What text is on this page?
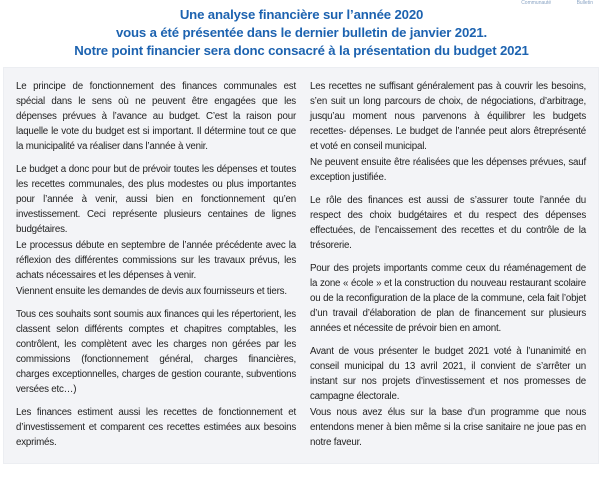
Communauté	Bulletin
Une analyse financière sur l’année 2020
vous a été présentée dans le dernier bulletin de janvier 2021.
Notre point financier sera donc consacré à la présentation du budget 2021

Le principe de fonctionnement des finances communales est spécial dans le sens où ne peuvent être engagées que les dépenses prévues à l’avance au budget. C’est la raison pour laquelle le vote du budget est si important. Il détermine tout ce que la municipalité va réaliser dans l’année à venir.

Le budget a donc pour but de prévoir toutes les dépenses et toutes les recettes communales, des plus modestes ou plus importantes pour l’année à venir, aussi bien en fonctionnement qu’en investissement. Ceci représente plusieurs centaines de lignes budgétaires.

Le processus débute en septembre de l’année précédente avec la réflexion des différentes commissions sur les travaux prévus, les achats nécessaires et les dépenses à venir.

Viennent ensuite les demandes de devis aux fournisseurs et tiers.

Tous ces souhaits sont soumis aux finances qui les répertorient, les classent selon différents comptes et chapitres comptables, les contrôlent, les complètent avec les charges non gérées par les commissions (fonctionnement général, charges financières, charges exceptionnelles, charges de gestion courante, subventions versées etc…)

Les finances estiment aussi les recettes de fonctionnement et d’investissement et comparent ces recettes estimées aux besoins exprimés.

Les recettes ne suffisant généralement pas à couvrir les besoins, s’en suit un long parcours de choix, de négociations, d’arbitrage, jusqu’au moment nous parvenons à équilibrer les budgets recettes- dépenses. Le budget de l’année peut alors êtreprésenté et voté en conseil municipal.

Ne peuvent ensuite être réalisées que les dépenses prévues, sauf exception justifiée.

Le rôle des finances est aussi de s’assurer toute l’année du respect des choix budgétaires et du respect des dépenses effectuées, de l’encaissement des recettes et du contrôle de la trésorerie.

Pour des projets importants comme ceux du réaménagement de la zone « école » et la construction du nouveau restaurant scolaire ou de la reconfiguration de la place de la commune, cela fait l’objet d’un travail d’élaboration de plan de financement sur plusieurs années et nécessite de prévoir bien en amont.

Avant de vous présenter le budget 2021 voté à l’unanimité en conseil municipal du 13 avril 2021, il convient de s’arrêter un instant sur nos projets d’investissement et nos promesses de campagne électorale.

Vous nous avez élus sur la base d’un programme que nous entendons mener à bien même si la crise sanitaire ne joue pas en notre faveur.
